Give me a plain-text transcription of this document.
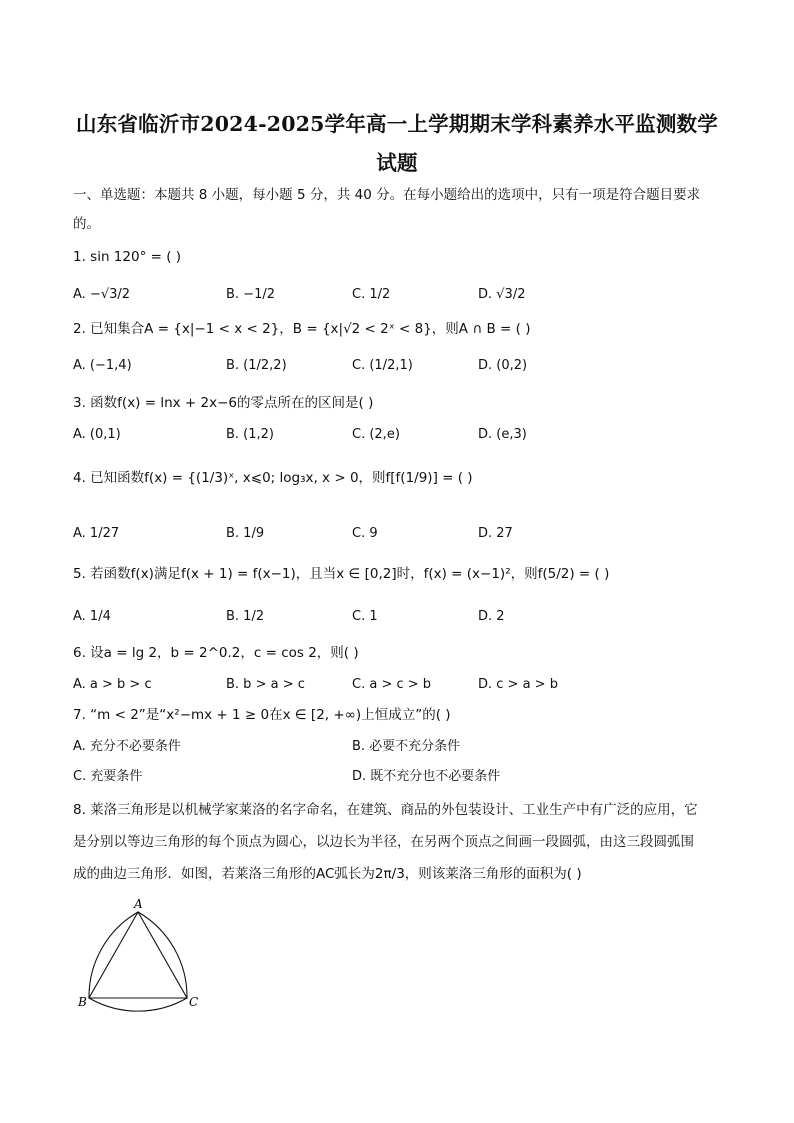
山东省临沂市2024-2025学年高一上学期期末学科素养水平监测数学
试题
一、单选题：本题共 8 小题，每小题 5 分，共 40 分。在每小题给出的选项中，只有一项是符合题目要求
的。
1. sin 120° = ( )
A. −√3/2	B. −1/2	C. 1/2	D. √3/2
2. 已知集合A = {x|−1 < x < 2}，B = {x|√2 < 2ˣ < 8}，则A ∩ B = ( )
A. (−1,4)	B. (1/2,2)	C. (1/2,1)	D. (0,2)
3. 函数f(x) = lnx + 2x−6的零点所在的区间是( )
A. (0,1)	B. (1,2)	C. (2,e)	D. (e,3)
4. 已知函数f(x) = {(1/3)ˣ, x⩽0; log₃x, x > 0，则f[f(1/9)] = ( )
A. 1/27	B. 1/9	C. 9	D. 27
5. 若函数f(x)满足f(x + 1) = f(x−1)，且当x ∈ [0,2]时，f(x) = (x−1)²，则f(5/2) = ( )
A. 1/4	B. 1/2	C. 1	D. 2
6. 设a = lg 2，b = 2^0.2，c = cos 2，则( )
A. a > b > c	B. b > a > c	C. a > c > b	D. c > a > b
7. “m < 2”是“x²−mx + 1 ≥ 0在x ∈ [2, +∞)上恒成立”的( )
A. 充分不必要条件	B. 必要不充分条件
C. 充要条件	D. 既不充分也不必要条件
8. 莱洛三角形是以机械学家莱洛的名字命名，在建筑、商品的外包装设计、工业生产中有广泛的应用，它
是分别以等边三角形的每个顶点为圆心，以边长为半径，在另两个顶点之间画一段圆弧，由这三段圆弧围
成的曲边三角形．如图，若莱洛三角形的AC弧长为2π/3，则该莱洛三角形的面积为( )
A
B	C
